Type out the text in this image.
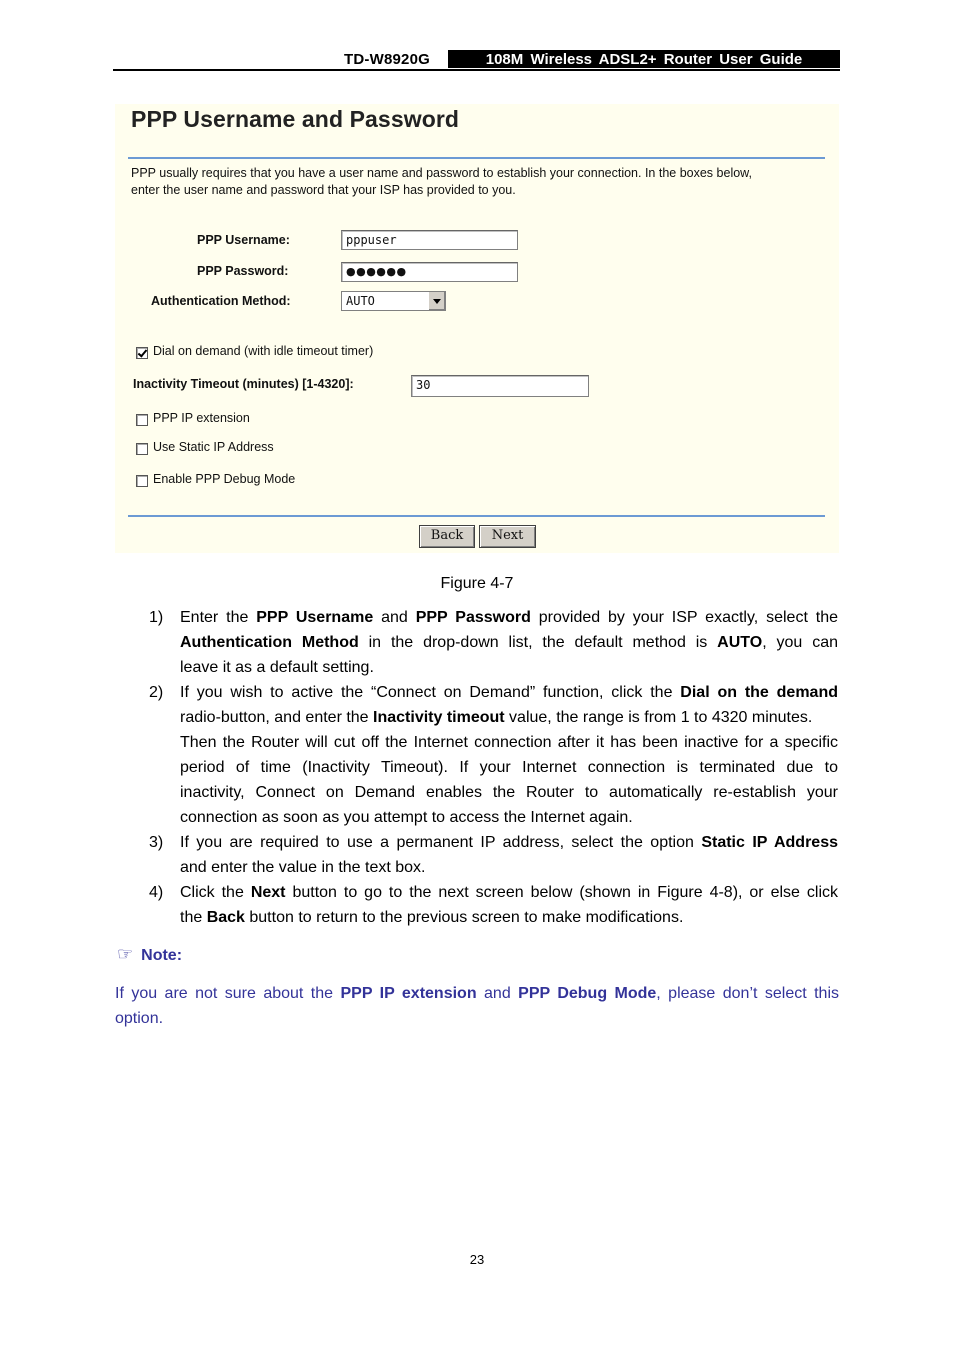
TD-W8920G	108M Wireless ADSL2+ Router User Guide
PPP Username and Password
PPP usually requires that you have a user name and password to establish your connection. In the boxes below,
enter the user name and password that your ISP has provided to you.
PPP Username:	pppuser
PPP Password:	●●●●●●
Authentication Method:	AUTO
Dial on demand (with idle timeout timer)
Inactivity Timeout (minutes) [1-4320]:	30
PPP IP extension
Use Static IP Address
Enable PPP Debug Mode
Back	Next
Figure 4-7
1) Enter the PPP Username and PPP Password provided by your ISP exactly, select the
Authentication Method in the drop-down list, the default method is AUTO, you can
leave it as a default setting.
2) If you wish to active the “Connect on Demand” function, click the Dial on the demand
radio-button, and enter the Inactivity timeout value, the range is from 1 to 4320 minutes.
Then the Router will cut off the Internet connection after it has been inactive for a specific
period of time (Inactivity Timeout). If your Internet connection is terminated due to
inactivity, Connect on Demand enables the Router to automatically re-establish your
connection as soon as you attempt to access the Internet again.
3) If you are required to use a permanent IP address, select the option Static IP Address
and enter the value in the text box.
4) Click the Next button to go to the next screen below (shown in Figure 4-8), or else click
the Back button to return to the previous screen to make modifications.
☞ Note:
If you are not sure about the PPP IP extension and PPP Debug Mode, please don’t select this
option.
23
